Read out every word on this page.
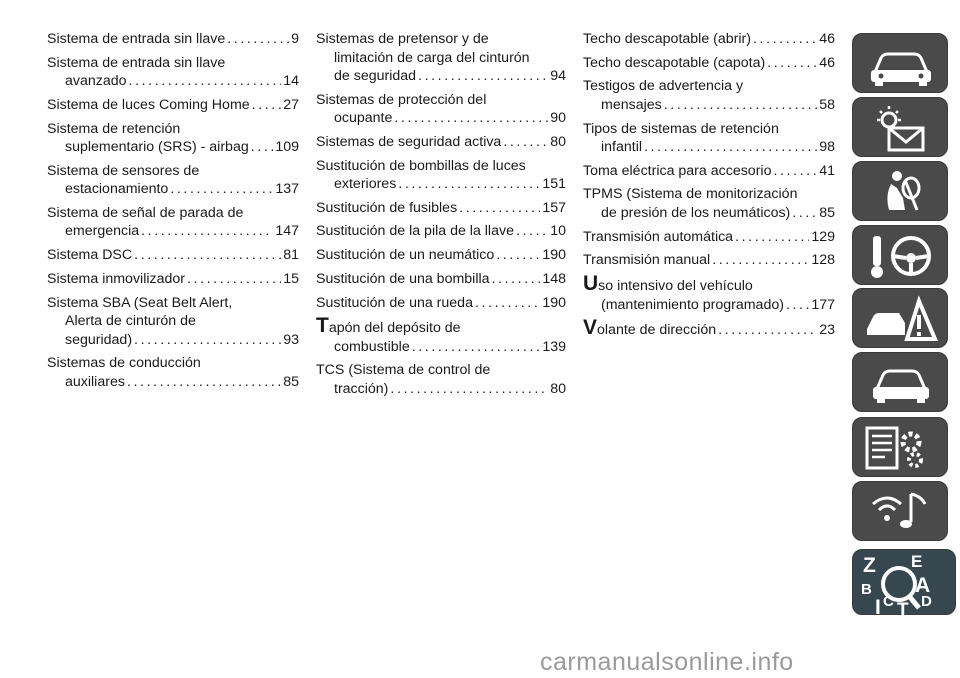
Sistema de entrada sin llave .....	9
Sistema de entrada sin llave
avanzado .....	14
Sistema de luces Coming Home ..... 27
Sistema de retención
suplementario (SRS) - airbag ..... 109
Sistema de sensores de
estacionamiento .....	137
Sistema de señal de parada de
emergencia .....	147
Sistema DSC .....	81
Sistema inmovilizador .....	15
Sistema SBA (Seat Belt Alert,
Alerta de cinturón de
seguridad) .....	93
Sistemas de conducción
auxiliares .....	85
Sistemas de pretensor y de
limitación de carga del cinturón
de seguridad .....	94
Sistemas de protección del
ocupante .....	90
Sistemas de seguridad activa .....	80
Sustitución de bombillas de luces
exteriores .....	151
Sustitución de fusibles .....	157
Sustitución de la pila de la llave .....	10
Sustitución de un neumático .....	190
Sustitución de una bombilla .....	148
Sustitución de una rueda .....	190
Tapón del depósito de
combustible .....	139
TCS (Sistema de control de
tracción) .....	80
Techo descapotable (abrir) .....	46
Techo descapotable (capota) .....	46
Testigos de advertencia y
mensajes .....	58
Tipos de sistemas de retención
infantil .....	98
Toma eléctrica para accesorio .....	41
TPMS (Sistema de monitorización
de presión de los neumáticos) ..... 85
Transmisión automática .....	129
Transmisión manual .....	128
Uso intensivo del vehículo
(mantenimiento programado) ..... 177
Volante de dirección .....	23
Z E
B A
C D
I T
carmanualsonline.info
